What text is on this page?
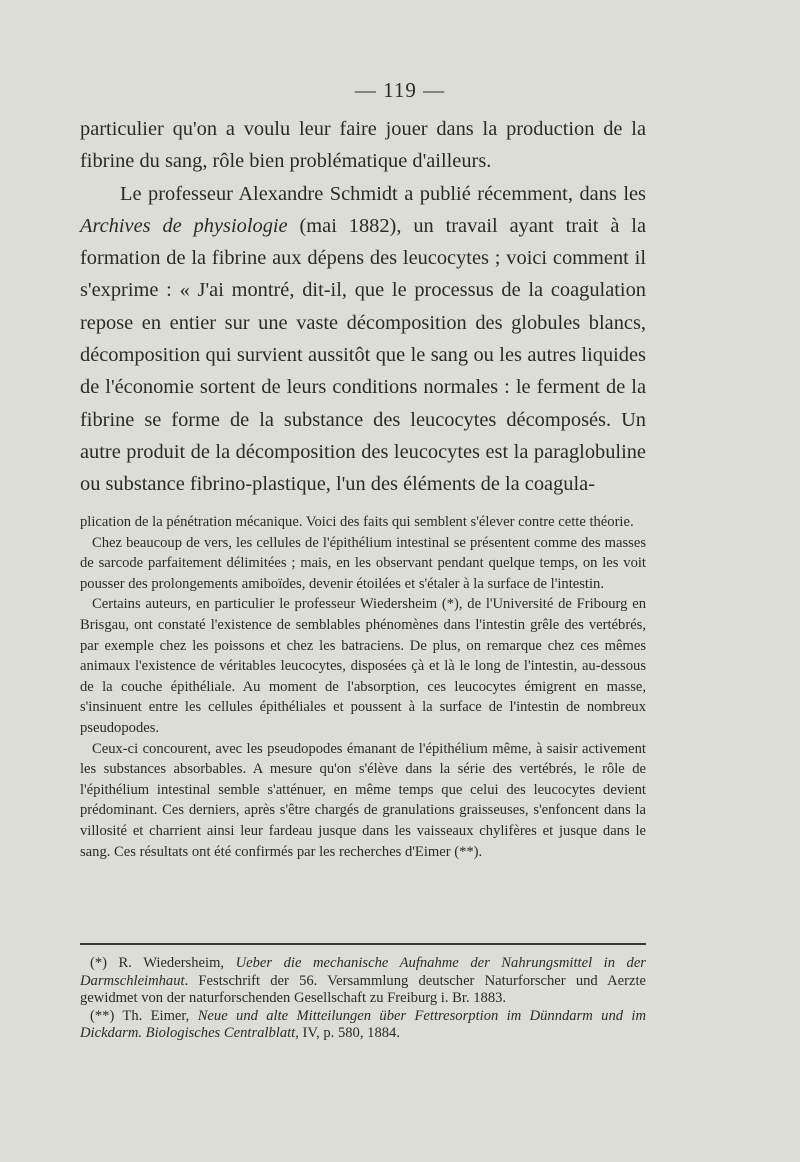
— 119 —

particulier qu'on a voulu leur faire jouer dans la production de la fibrine du sang, rôle bien problématique d'ailleurs.

Le professeur Alexandre Schmidt a publié récemment, dans les Archives de physiologie (mai 1882), un travail ayant trait à la formation de la fibrine aux dépens des leucocytes ; voici comment il s'exprime : « J'ai montré, dit-il, que le processus de la coagulation repose en entier sur une vaste décomposition des globules blancs, décomposition qui survient aussitôt que le sang ou les autres liquides de l'économie sortent de leurs conditions normales : le ferment de la fibrine se forme de la substance des leucocytes décomposés. Un autre produit de la décomposition des leucocytes est la paraglobuline ou substance fibrino-plastique, l'un des éléments de la coagula-

plication de la pénétration mécanique. Voici des faits qui semblent s'élever contre cette théorie.

Chez beaucoup de vers, les cellules de l'épithélium intestinal se présentent comme des masses de sarcode parfaitement délimitées ; mais, en les observant pendant quelque temps, on les voit pousser des prolongements amiboïdes, devenir étoilées et s'étaler à la surface de l'intestin.

Certains auteurs, en particulier le professeur Wiedersheim (*), de l'Université de Fribourg en Brisgau, ont constaté l'existence de semblables phénomènes dans l'intestin grêle des vertébrés, par exemple chez les poissons et chez les batraciens. De plus, on remarque chez ces mêmes animaux l'existence de véritables leucocytes, disposées çà et là le long de l'intestin, au-dessous de la couche épithéliale. Au moment de l'absorption, ces leucocytes émigrent en masse, s'insinuent entre les cellules épithéliales et poussent à la surface de l'intestin de nombreux pseudopodes.

Ceux-ci concourent, avec les pseudopodes émanant de l'épithélium même, à saisir activement les substances absorbables. A mesure qu'on s'élève dans la série des vertébrés, le rôle de l'épithélium intestinal semble s'atténuer, en même temps que celui des leucocytes devient prédominant. Ces derniers, après s'être chargés de granulations graisseuses, s'enfoncent dans la villosité et charrient ainsi leur fardeau jusque dans les vaisseaux chylifères et jusque dans le sang. Ces résultats ont été confirmés par les recherches d'Eimer (**).

(*) R. Wiedersheim, Ueber die mechanische Aufnahme der Nahrungsmittel in der Darmschleimhaut. Festschrift der 56. Versammlung deutscher Naturforscher und Aerzte gewidmet von der naturforschenden Gesellschaft zu Freiburg i. Br. 1883.

(**) Th. Eimer, Neue und alte Mitteilungen über Fettresorption im Dünndarm und im Dickdarm. Biologisches Centralblatt, IV, p. 580, 1884.
